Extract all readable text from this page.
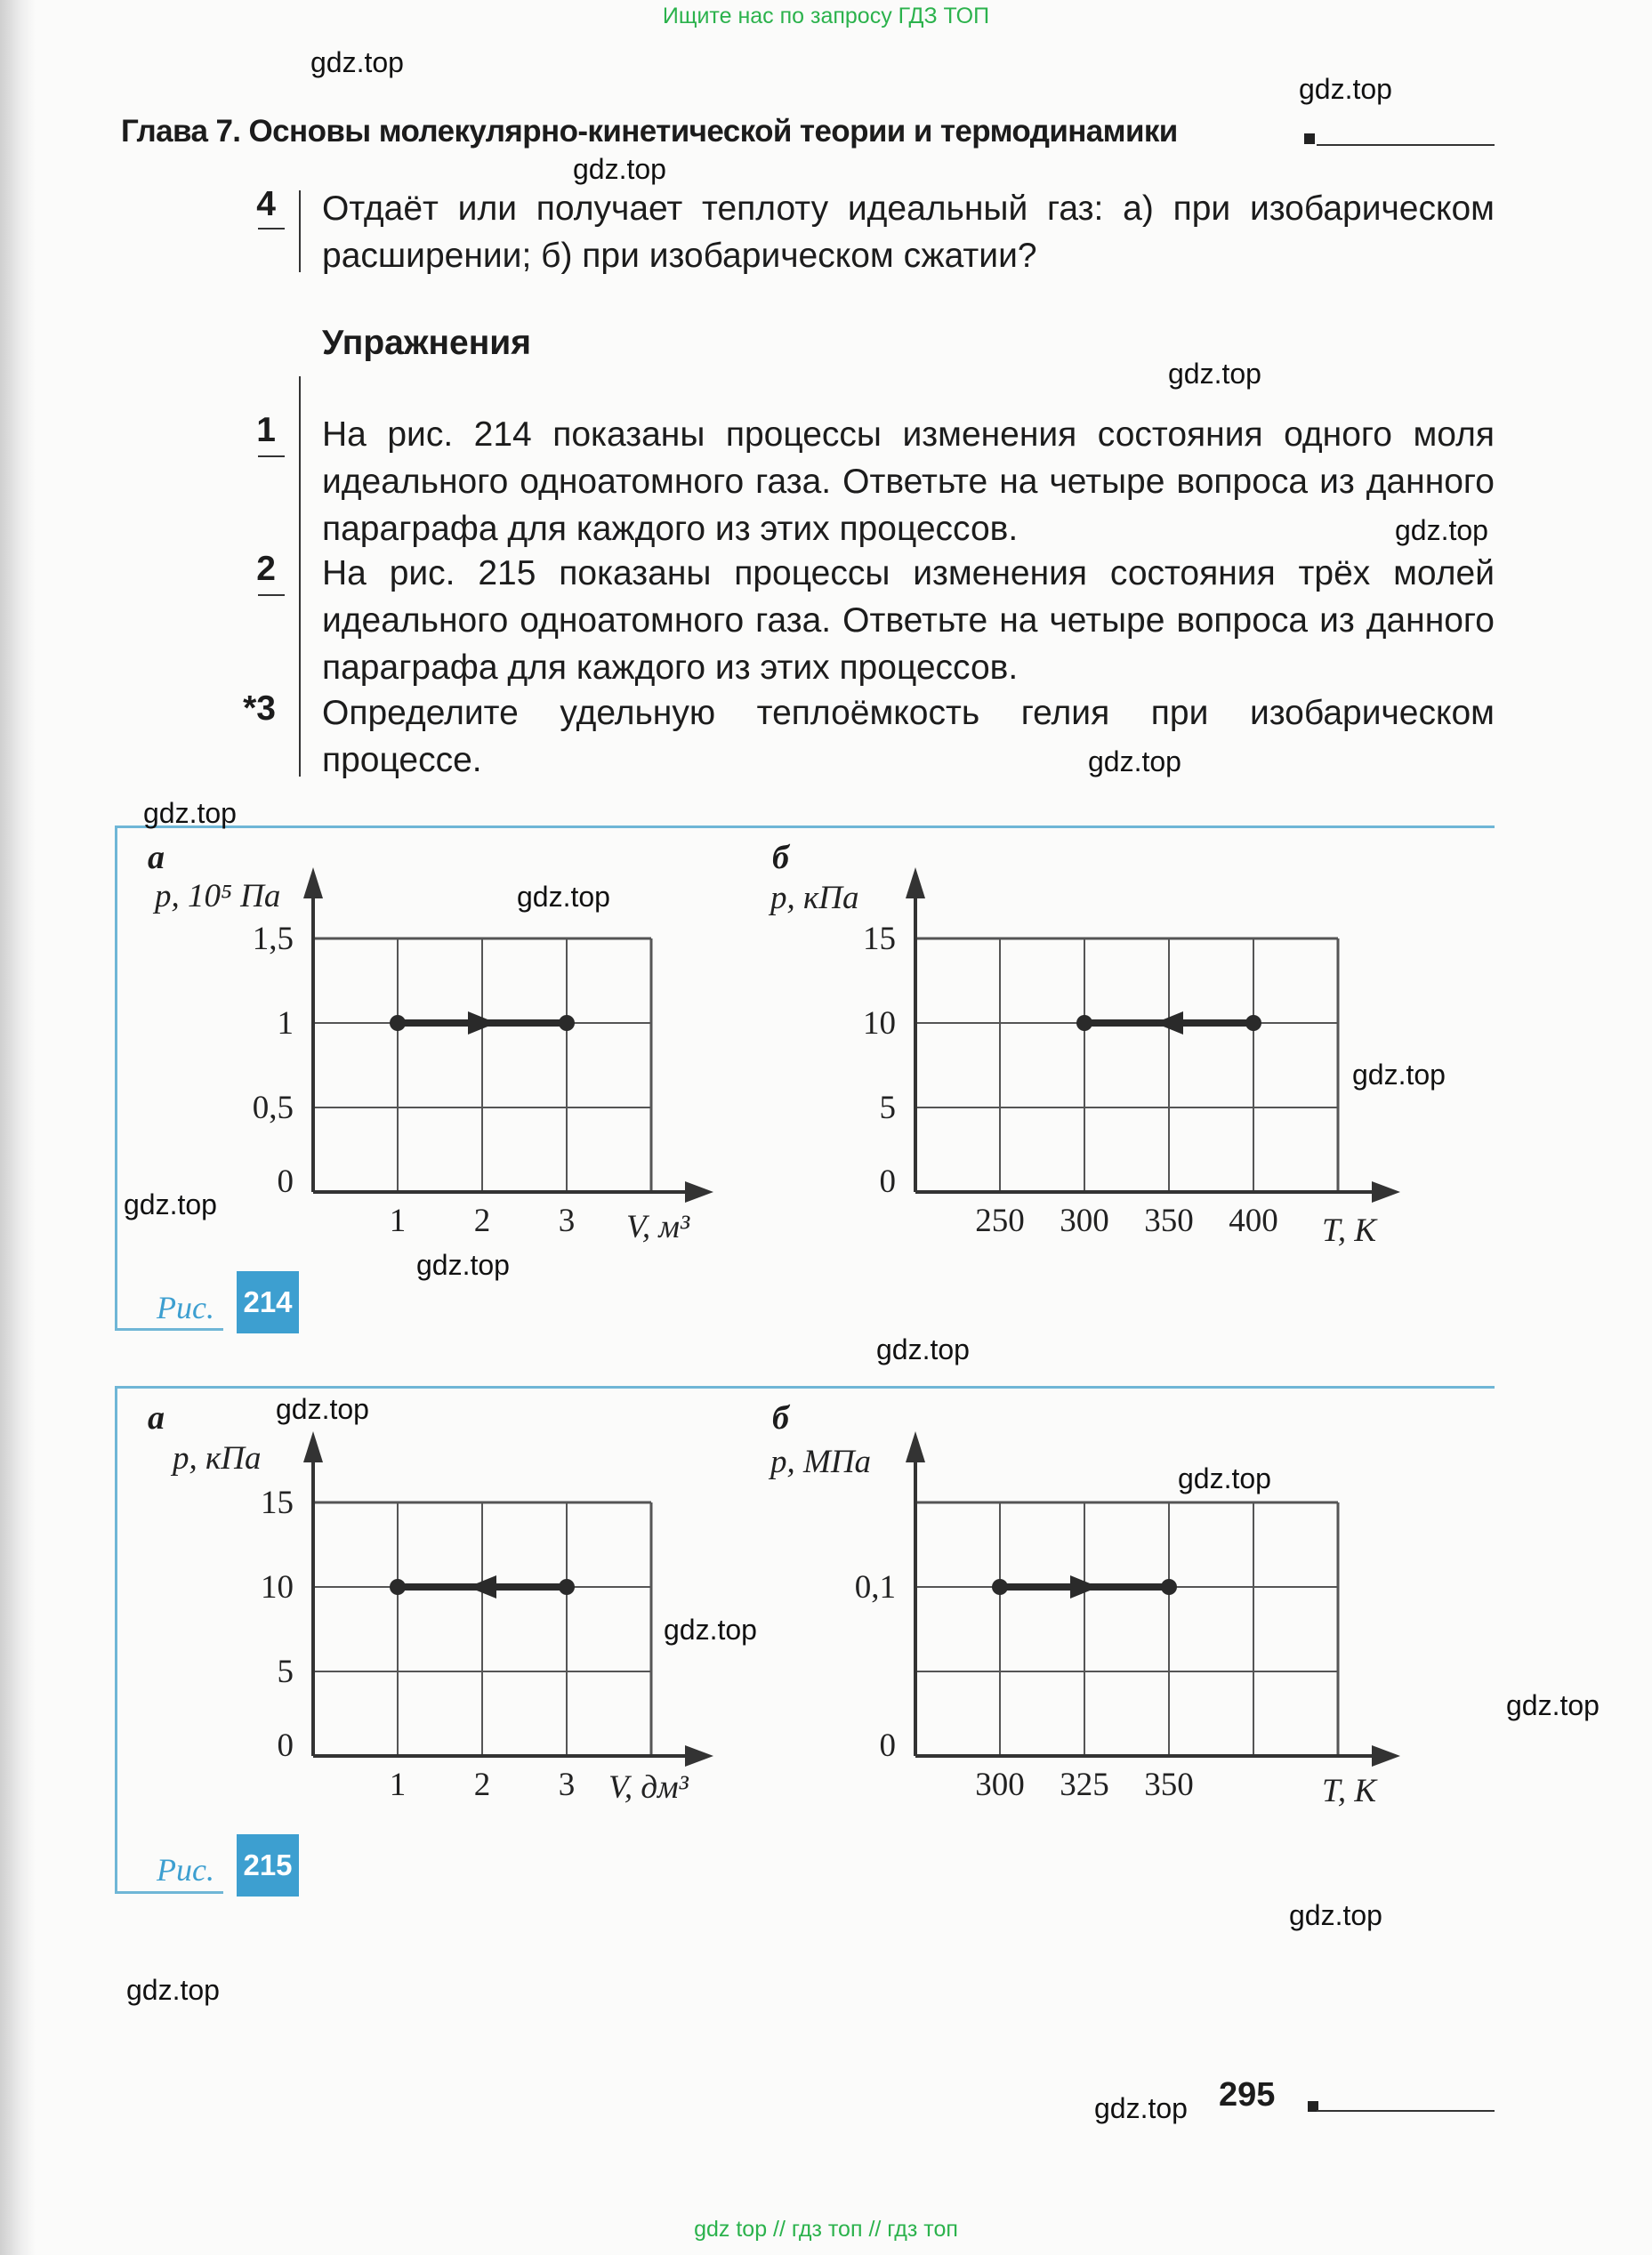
Ищите нас по запросу ГДЗ ТОП
Глава 7. Основы молекулярно-кинетической теории и термодинамики
4 Отдаёт или получает теплоту идеальный газ: а) при изобарическом расширении; б) при изобарическом сжатии?
Упражнения
1 На рис. 214 показаны процессы изменения состояния одного моля идеального одноатомного газа. Ответьте на четыре вопроса из данного параграфа для каждого из этих процессов.
2 На рис. 215 показаны процессы изменения состояния трёх молей идеального одноатомного газа. Ответьте на четыре вопроса из данного параграфа для каждого из этих процессов.
*3 Определите удельную теплоёмкость гелия при изобарическом процессе.
Рис. 214
Рис. 215
а
p, 10⁵ Па
V, м³
б
p, кПа
T, К
а
p, кПа
V, дм³
б
p, МПа
T, К
1 2 3
0
0,5
1
1,5
250 300 350 400
0
5
10
15
1 2 3
0
5
10
15
300 325 350
0
0,1
295
gdz top // гдз топ // гдз топ
gdz.top
gdz.top
gdz.top
gdz.top
gdz.top
gdz.top
gdz.top
gdz.top
gdz.top
gdz.top
gdz.top
gdz.top
gdz.top
gdz.top
gdz.top
gdz.top
gdz.top
gdz.top
gdz.top
